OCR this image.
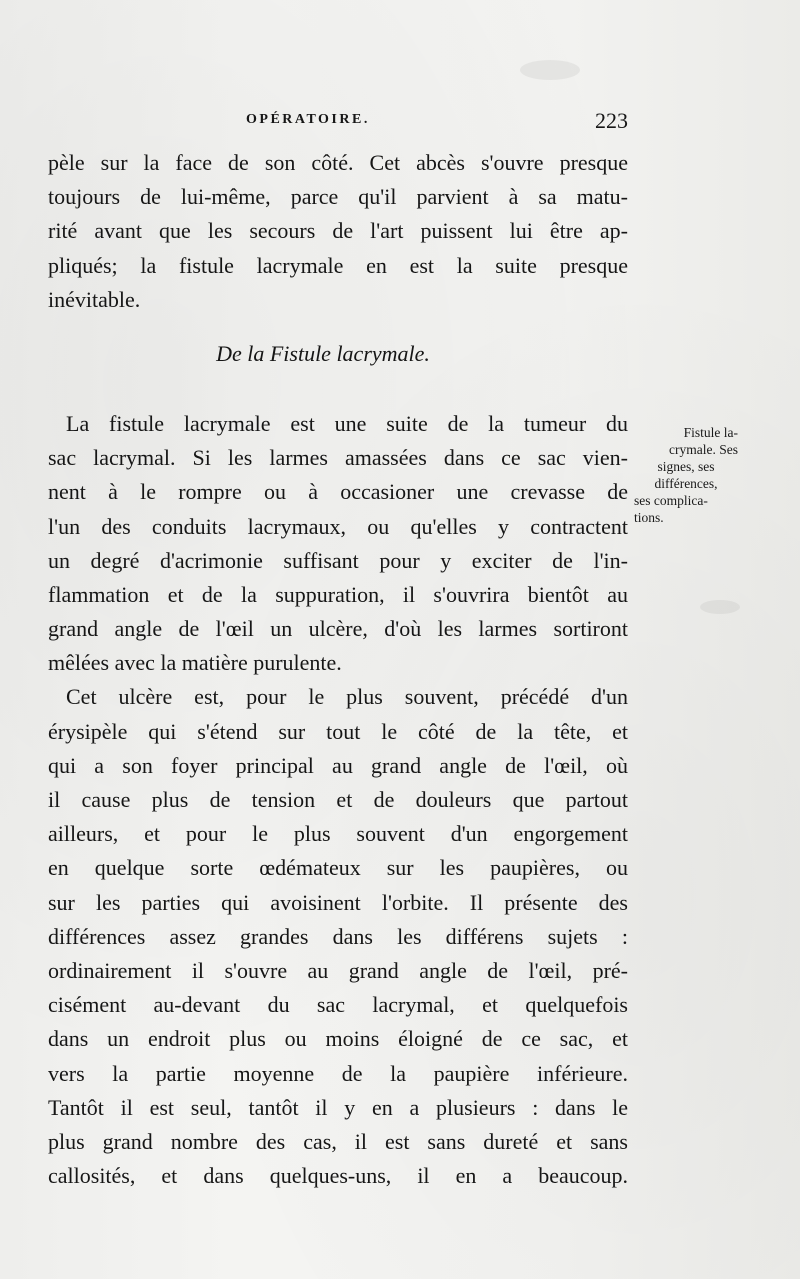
OPÉRATOIRE.	223
pèle sur la face de son côté. Cet abcès s'ouvre presque
toujours de lui-même, parce qu'il parvient à sa matu-
rité avant que les secours de l'art puissent lui être ap-
pliqués; la fistule lacrymale en est la suite presque
inévitable.
De la Fistule lacrymale.
La fistule lacrymale est une suite de la tumeur du
sac lacrymal. Si les larmes amassées dans ce sac vien-
nent à le rompre ou à occasioner une crevasse de
l'un des conduits lacrymaux, ou qu'elles y contractent
un degré d'acrimonie suffisant pour y exciter de l'in-
flammation et de la suppuration, il s'ouvrira bientôt au
grand angle de l'œil un ulcère, d'où les larmes sortiront
mêlées avec la matière purulente.
Cet ulcère est, pour le plus souvent, précédé d'un
érysipèle qui s'étend sur tout le côté de la tête, et
qui a son foyer principal au grand angle de l'œil, où
il cause plus de tension et de douleurs que partout
ailleurs, et pour le plus souvent d'un engorgement
en quelque sorte œdémateux sur les paupières, ou
sur les parties qui avoisinent l'orbite. Il présente des
différences assez grandes dans les différens sujets :
ordinairement il s'ouvre au grand angle de l'œil, pré-
cisément au-devant du sac lacrymal, et quelquefois
dans un endroit plus ou moins éloigné de ce sac, et
vers la partie moyenne de la paupière inférieure.
Tantôt il est seul, tantôt il y en a plusieurs : dans le
plus grand nombre des cas, il est sans dureté et sans
callosités, et dans quelques-uns, il en a beaucoup.
Fistule la-
crymale. Ses
signes, ses
différences,
ses complica-
tions.
